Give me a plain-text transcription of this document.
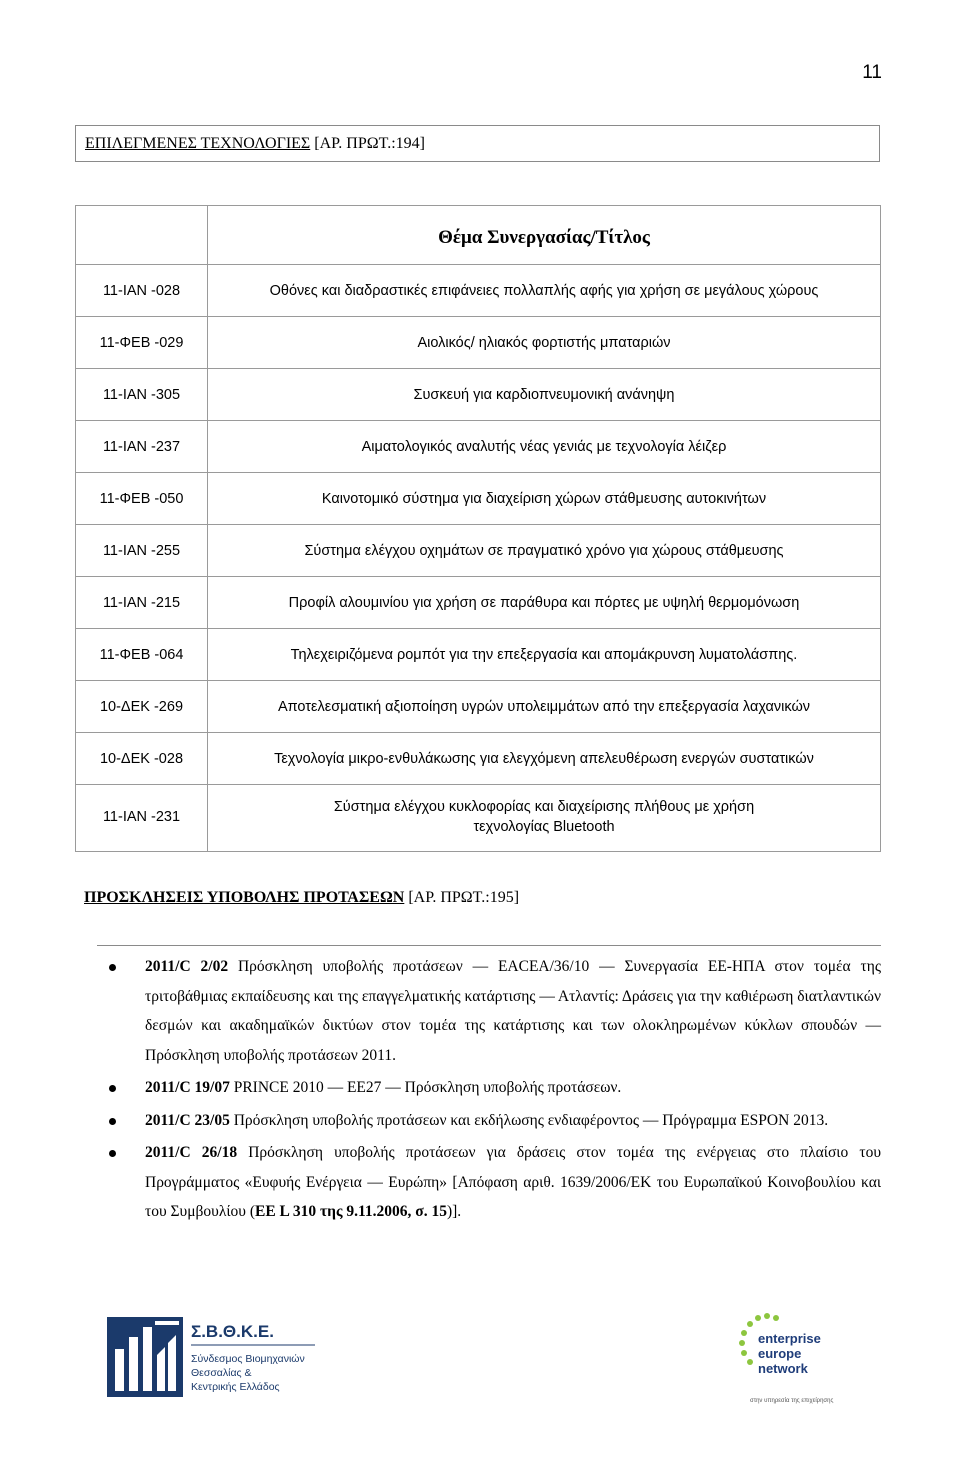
11
ΕΠΙΛΕΓΜΕΝΕΣ ΤΕΧΝΟΛΟΓΙΕΣ [ΑΡ. ΠΡΩΤ.:194]
	Θέμα Συνεργασίας/Τίτλος
11-IAN -028	Οθόνες και διαδραστικές επιφάνειες πολλαπλής αφής για χρήση σε μεγάλους χώρους
11-ΦΕΒ -029	Αιολικός/ ηλιακός φορτιστής μπαταριών
11-IAN -305	Συσκευή για καρδιοπνευμονική ανάνηψη
11-IAN -237	Αιματολογικός αναλυτής νέας γενιάς με τεχνολογία λέιζερ
11-ΦΕΒ -050	Καινοτομικό σύστημα για διαχείριση χώρων στάθμευσης αυτοκινήτων
11-IAN -255	Σύστημα ελέγχου οχημάτων σε πραγματικό χρόνο για χώρους στάθμευσης
11-IAN -215	Προφίλ αλουμινίου για χρήση σε παράθυρα και πόρτες με υψηλή θερμομόνωση
11-ΦΕΒ -064	Τηλεχειριζόμενα ρομπότ για την επεξεργασία και απομάκρυνση λυματολάσπης.
10-ΔΕΚ -269	Αποτελεσματική αξιοποίηση υγρών υπολειμμάτων από την επεξεργασία λαχανικών
10-ΔΕΚ -028	Τεχνολογία μικρο-ενθυλάκωσης για ελεγχόμενη απελευθέρωση ενεργών συστατικών
11-IAN -231	Σύστημα ελέγχου κυκλοφορίας και διαχείρισης πλήθους με χρήση τεχνολογίας Bluetooth
ΠΡΟΣΚΛΗΣΕΙΣ ΥΠΟΒΟΛΗΣ ΠΡΟΤΑΣΕΩΝ [ΑΡ. ΠΡΩΤ.:195]
2011/C 2/02 Πρόσκληση υποβολής προτάσεων — EACEA/36/10 — Συνεργασία ΕΕ-ΗΠΑ στον τομέα της τριτοβάθμιας εκπαίδευσης και της επαγγελματικής κατάρτισης — Ατλαντίς: Δράσεις για την καθιέρωση διατλαντικών δεσμών και ακαδημαϊκών δικτύων στον τομέα της κατάρτισης και των ολοκληρωμένων κύκλων σπουδών — Πρόσκληση υποβολής προτάσεων 2011.
2011/C 19/07 PRINCE 2010 — ΕΕ27 — Πρόσκληση υποβολής προτάσεων.
2011/C 23/05 Πρόσκληση υποβολής προτάσεων και εκδήλωσης ενδιαφέροντος — Πρόγραμμα ESPON 2013.
2011/C 26/18 Πρόσκληση υποβολής προτάσεων για δράσεις στον τομέα της ενέργειας στο πλαίσιο του Προγράμματος «Ευφυής Ενέργεια — Ευρώπη» [Απόφαση αριθ. 1639/2006/ΕΚ του Ευρωπαϊκού Κοινοβουλίου και του Συμβουλίου (ΕΕ L 310 της 9.11.2006, σ. 15)].
Σ.Β.Θ.Κ.Ε.
Σύνδεσμος Βιομηχανιών
Θεσσαλίας &
Κεντρικής Ελλάδος
enterprise
europe
network
στην υπηρεσία της επιχείρησης
